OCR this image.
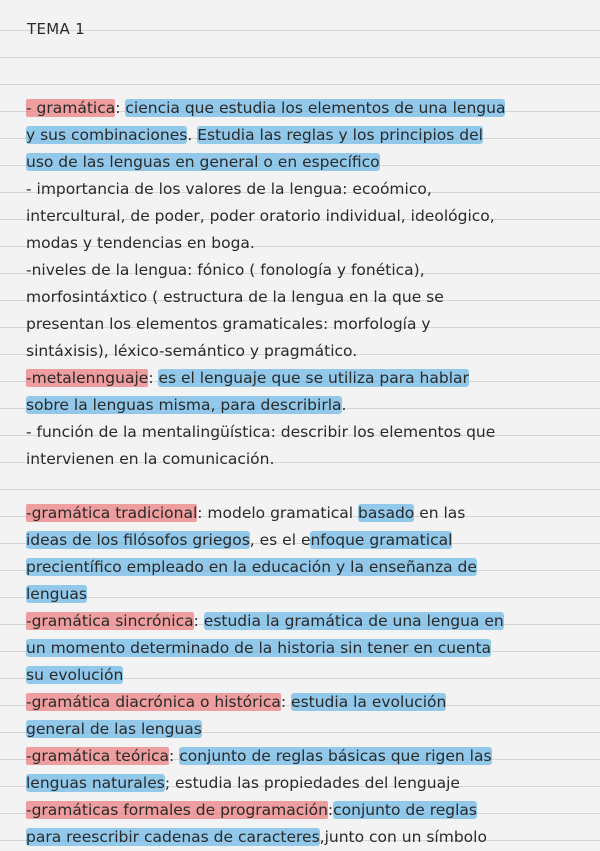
TEMA 1
- gramática: ciencia que estudia los elementos de una lengua
y sus combinaciones. Estudia las reglas y los principios del
uso de las lenguas en general o en específico
- importancia de los valores de la lengua: ecoómico,
intercultural, de poder, poder oratorio individual, ideológico,
modas y tendencias en boga.
-niveles de la lengua: fónico ( fonología y fonética),
morfosintáxtico ( estructura de la lengua en la que se
presentan los elementos gramaticales: morfología y
sintáxisis), léxico-semántico y pragmático.
-metalennguaje: es el lenguaje que se utiliza para hablar
sobre la lenguas misma, para describirla.
- función de la mentalingüística: describir los elementos que
intervienen en la comunicación.
-gramática tradicional: modelo gramatical basado en las
ideas de los filósofos griegos, es el enfoque gramatical
precientífico empleado en la educación y la enseñanza de
lenguas
-gramática sincrónica: estudia la gramática de una lengua en
un momento determinado de la historia sin tener en cuenta
su evolución
-gramática diacrónica o histórica: estudia la evolución
general de las lenguas
-gramática teórica: conjunto de reglas básicas que rigen las
lenguas naturales; estudia las propiedades del lenguaje
-gramáticas formales de programación:conjunto de reglas
para reescribir cadenas de caracteres,junto con un símbolo
